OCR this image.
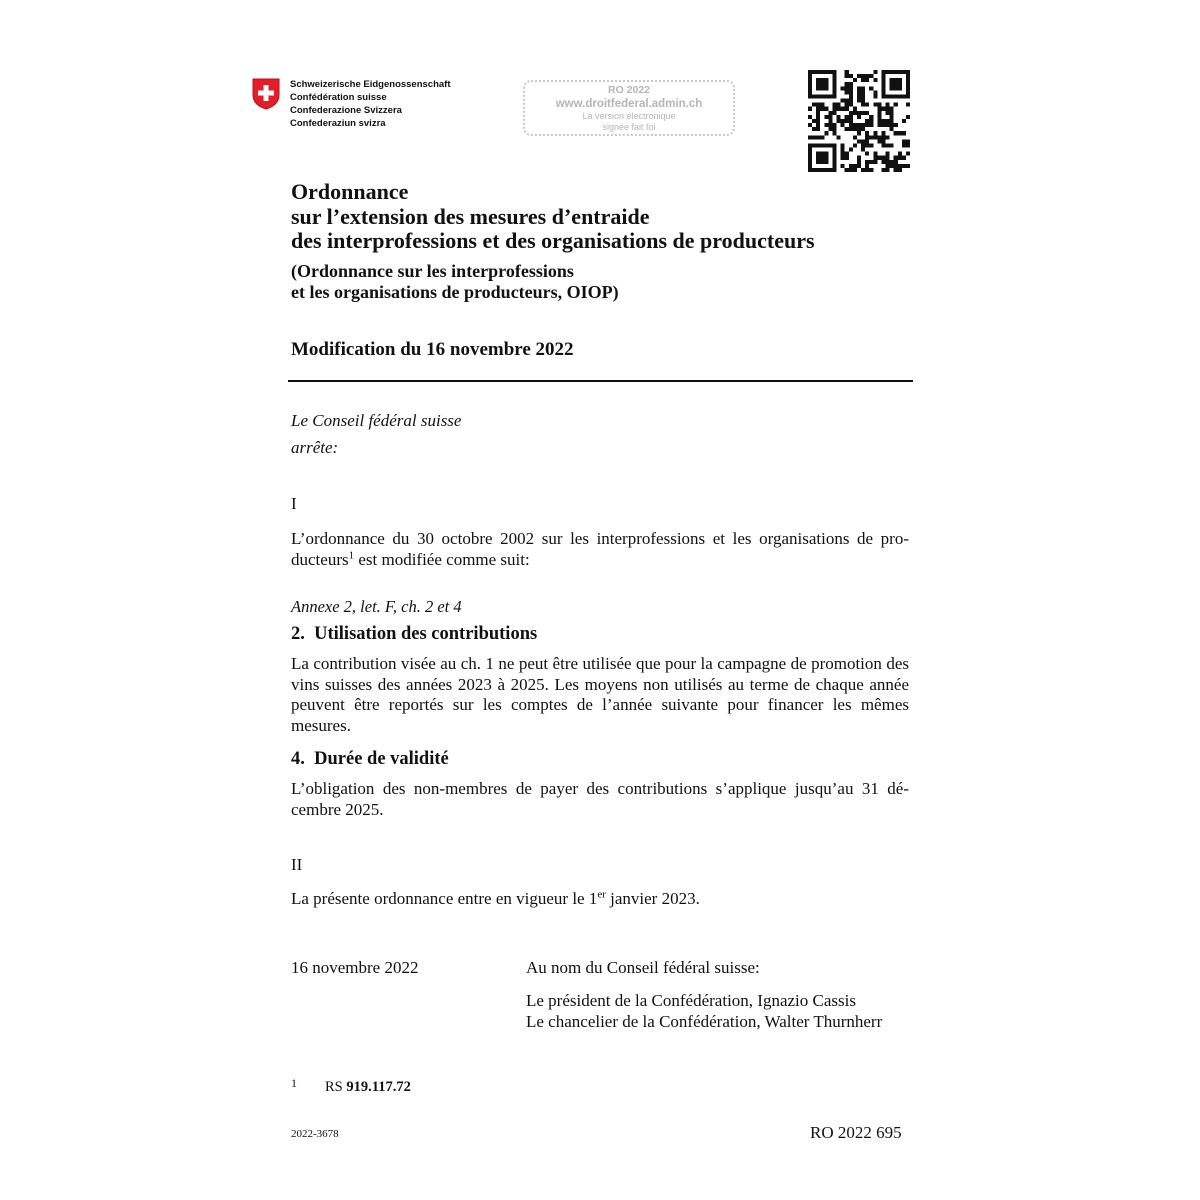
Schweizerische Eidgenossenschaft
Confédération suisse
Confederazione Svizzera
Confederaziun svizra
RO 2022
www.droitfederal.admin.ch
La version électronique
signée fait foi
Ordonnance
sur l’extension des mesures d’entraide
des interprofessions et des organisations de producteurs
(Ordonnance sur les interprofessions
et les organisations de producteurs, OIOP)
Modification du 16 novembre 2022
Le Conseil fédéral suisse
arrête:
I
L’ordonnance du 30 octobre 2002 sur les interprofessions et les organisations de pro- ducteurs$^1$ est modifiée comme suit:
Annexe 2, let. F, ch. 2 et 4
2. Utilisation des contributions
La contribution visée au ch. 1 ne peut être utilisée que pour la campagne de promotion des vins suisses des années 2023 à 2025. Les moyens non utilisés au terme de chaque année peuvent être reportés sur les comptes de l’année suivante pour financer les mêmes mesures.
4. Durée de validité
L’obligation des non-membres de payer des contributions s’applique jusqu’au 31 dé- cembre 2025.
II
La présente ordonnance entre en vigueur le 1er janvier 2023.
16 novembre 2022	Au nom du Conseil fédéral suisse:
Le président de la Confédération, Ignazio Cassis
Le chancelier de la Confédération, Walter Thurnherr
1 RS 919.117.72
2022-3678	RO 2022 695
